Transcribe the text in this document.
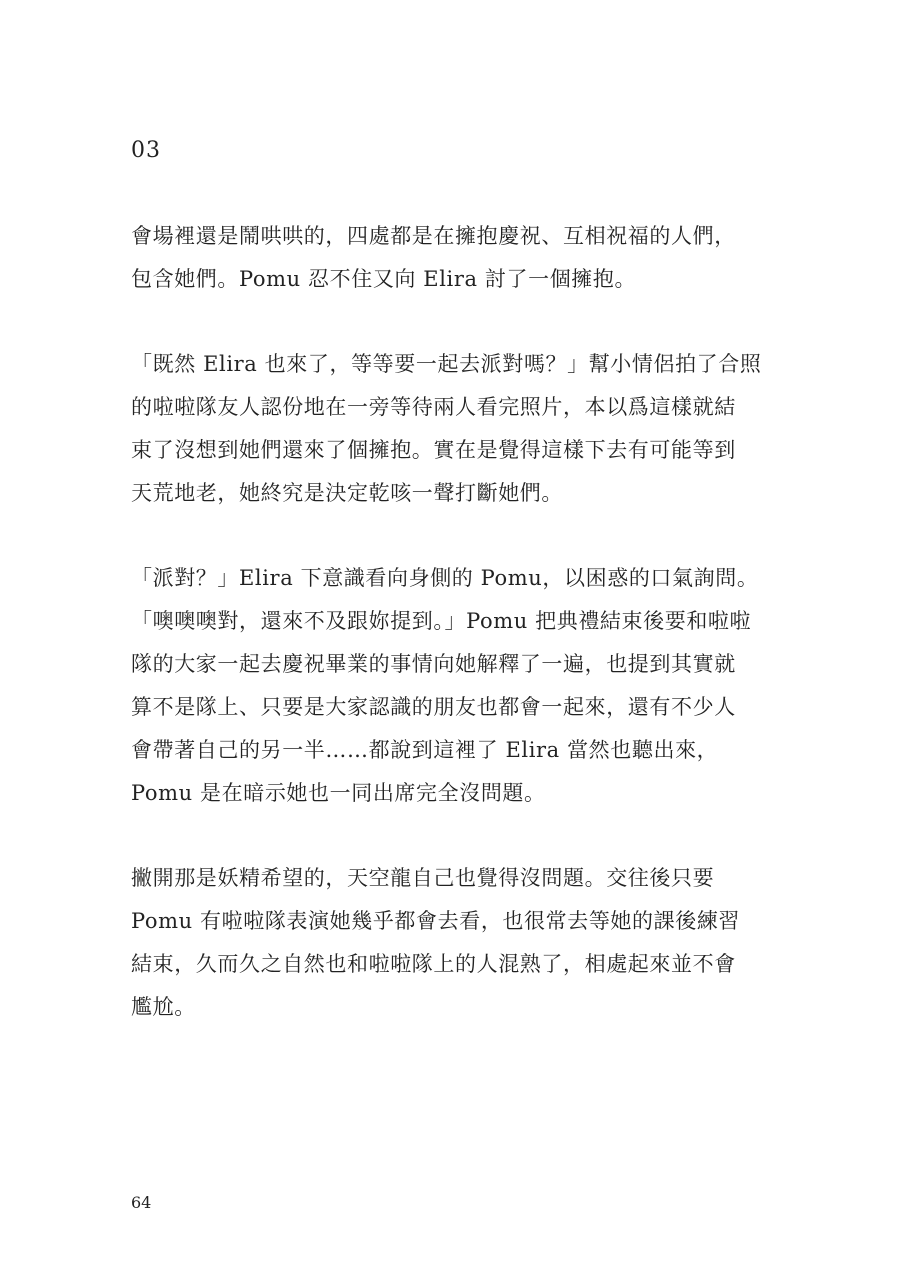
03

會場裡還是鬧哄哄的，四處都是在擁抱慶祝、互相祝福的人們，
包含她們。Pomu 忍不住又向 Elira 討了一個擁抱。

「既然 Elira 也來了，等等要一起去派對嗎？」幫小情侶拍了合照
的啦啦隊友人認份地在一旁等待兩人看完照片，本以爲這樣就結
束了沒想到她們還來了個擁抱。實在是覺得這樣下去有可能等到
天荒地老，她終究是決定乾咳一聲打斷她們。

「派對？」Elira 下意識看向身側的 Pomu，以困惑的口氣詢問。
「噢噢噢對，還來不及跟妳提到。」Pomu 把典禮結束後要和啦啦
隊的大家一起去慶祝畢業的事情向她解釋了一遍，也提到其實就
算不是隊上、只要是大家認識的朋友也都會一起來，還有不少人
會帶著自己的另一半……都說到這裡了 Elira 當然也聽出來，
Pomu 是在暗示她也一同出席完全沒問題。

撇開那是妖精希望的，天空龍自己也覺得沒問題。交往後只要
Pomu 有啦啦隊表演她幾乎都會去看，也很常去等她的課後練習
結束，久而久之自然也和啦啦隊上的人混熟了，相處起來並不會
尷尬。

64
